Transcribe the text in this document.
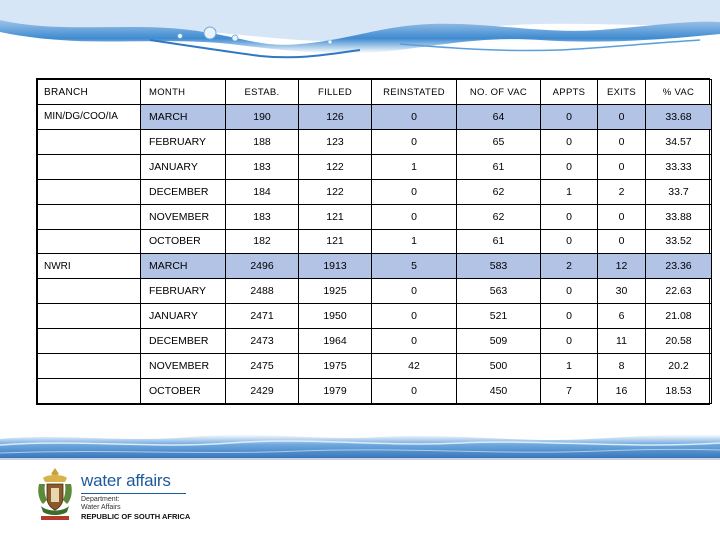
BRANCH	MONTH	ESTAB.	FILLED	REINSTATED	NO. OF VAC	APPTS	EXITS	% VAC
MIN/DG/COO/IA	MARCH	190	126	0	64	0	0	33.68
	FEBRUARY	188	123	0	65	0	0	34.57
	JANUARY	183	122	1	61	0	0	33.33
	DECEMBER	184	122	0	62	1	2	33.7
	NOVEMBER	183	121	0	62	0	0	33.88
	OCTOBER	182	121	1	61	0	0	33.52
NWRI	MARCH	2496	1913	5	583	2	12	23.36
	FEBRUARY	2488	1925	0	563	0	30	22.63
	JANUARY	2471	1950	0	521	0	6	21.08
	DECEMBER	2473	1964	0	509	0	11	20.58
	NOVEMBER	2475	1975	42	500	1	8	20.2
	OCTOBER	2429	1979	0	450	7	16	18.53
water affairs
Department:
Water Affairs
REPUBLIC OF SOUTH AFRICA
